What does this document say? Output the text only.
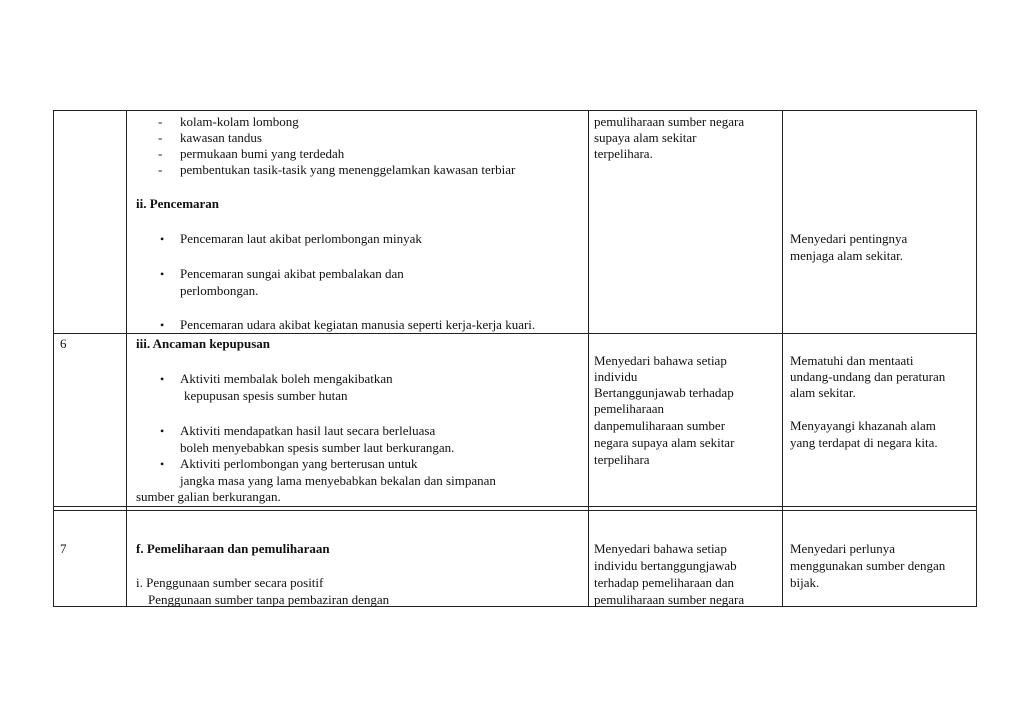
- kolam-kolam lombong
- kawasan tandus
- permukaan bumi yang terdedah
- pembentukan tasik-tasik yang menenggelamkan kawasan terbiar
ii. Pencemaran
• Pencemaran laut akibat perlombongan minyak
• Pencemaran sungai akibat pembalakan dan
perlombongan.
• Pencemaran udara akibat kegiatan manusia seperti kerja-kerja kuari.
pemuliharaan sumber negara
supaya alam sekitar
terpelihara.
Menyedari pentingnya
menjaga alam sekitar.
6	iii. Ancaman kepupusan
• Aktiviti membalak boleh mengakibatkan
kepupusan spesis sumber hutan
• Aktiviti mendapatkan hasil laut secara berleluasa
boleh menyebabkan spesis sumber laut berkurangan.
• Aktiviti perlombongan yang berterusan untuk
jangka masa yang lama menyebabkan bekalan dan simpanan
sumber galian berkurangan.
Menyedari bahawa setiap
individu
Bertanggunjawab terhadap
pemeliharaan
danpemuliharaan sumber
negara supaya alam sekitar
terpelihara
Mematuhi dan mentaati
undang-undang dan peraturan
alam sekitar.
Menyayangi khazanah alam
yang terdapat di negara kita.
7	f. Pemeliharaan dan pemuliharaan
i. Penggunaan sumber secara positif
Penggunaan sumber tanpa pembaziran dengan
Menyedari bahawa setiap
individu bertanggungjawab
terhadap pemeliharaan dan
pemuliharaan sumber negara
Menyedari perlunya
menggunakan sumber dengan
bijak.
